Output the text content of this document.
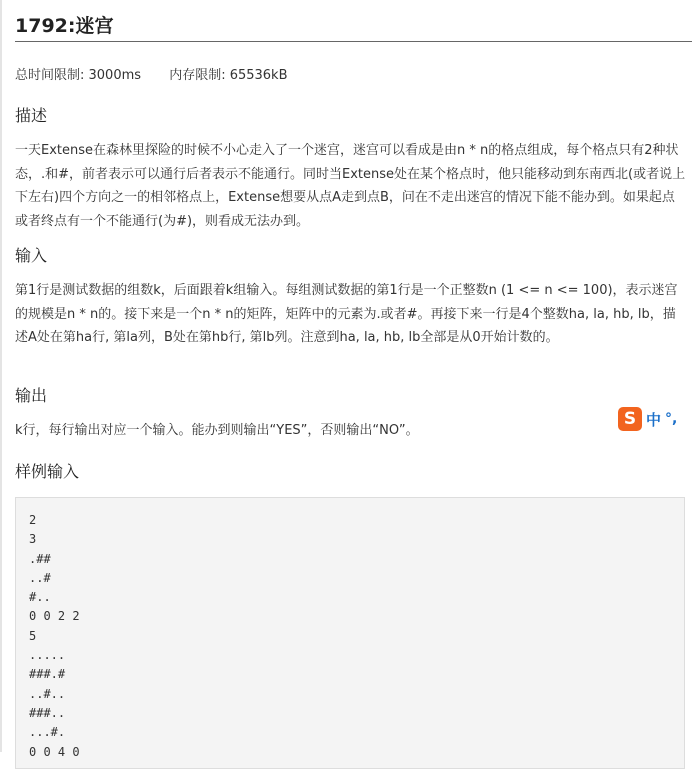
1792:迷宫
总时间限制: 3000ms 内存限制: 65536kB
描述

一天Extense在森林里探险的时候不小心走入了一个迷宫，迷宫可以看成是由n * n的格点组成，每个格点只有2种状态，.和#，前者表示可以通行后者表示不能通行。同时当Extense处在某个格点时，他只能移动到东南西北(或者说上下左右)四个方向之一的相邻格点上，Extense想要从点A走到点B，问在不走出迷宫的情况下能不能办到。如果起点或者终点有一个不能通行(为#)，则看成无法办到。

输入

第1行是测试数据的组数k，后面跟着k组输入。每组测试数据的第1行是一个正整数n (1 <= n <= 100)，表示迷宫的规模是n * n的。接下来是一个n * n的矩阵，矩阵中的元素为.或者#。再接下来一行是4个整数ha, la, hb, lb，描述A处在第ha行, 第la列，B处在第hb行, 第lb列。注意到ha, la, hb, lb全部是从0开始计数的。

输出

k行，每行输出对应一个输入。能办到则输出“YES”，否则输出“NO”。

样例输入
2
3
.##
..#
#..
0 0 2 2
5
.....
###.#
..#..
###..
...#.
0 0 4 0
S 中 °,
